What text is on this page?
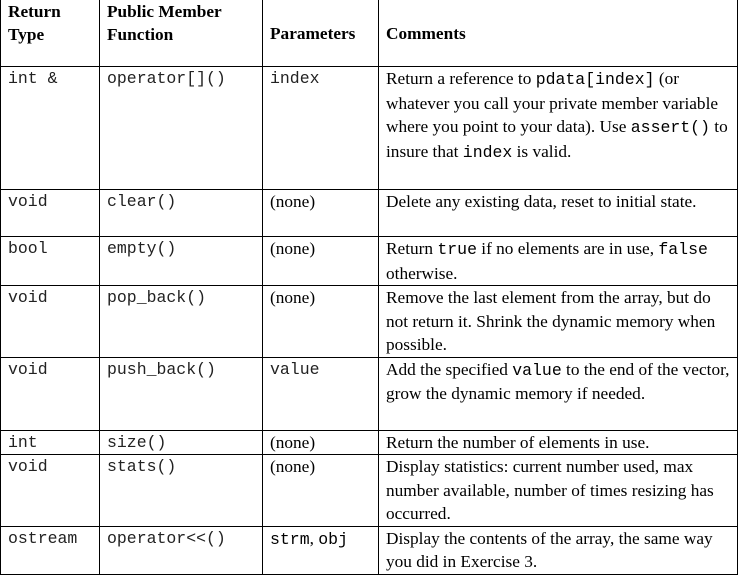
Return Type	Public Member Function	Parameters	Comments
int &	operator[]()	index	Return a reference to pdata[index] (or whatever you call your private member variable where you point to your data). Use assert() to insure that index is valid.
void	clear()	(none)	Delete any existing data, reset to initial state.
bool	empty()	(none)	Return true if no elements are in use, false otherwise.
void	pop_back()	(none)	Remove the last element from the array, but do not return it. Shrink the dynamic memory when possible.
void	push_back()	value	Add the specified value to the end of the vector, grow the dynamic memory if needed.
int	size()	(none)	Return the number of elements in use.
void	stats()	(none)	Display statistics: current number used, max number available, number of times resizing has occurred.
ostream	operator<<()	strm, obj	Display the contents of the array, the same way you did in Exercise 3.
